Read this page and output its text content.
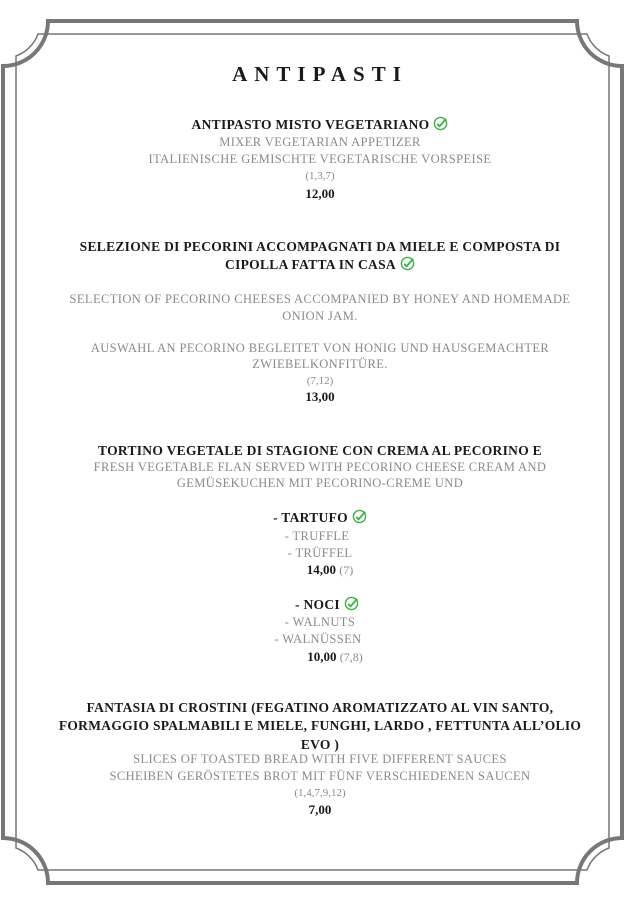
ANTIPASTI
ANTIPASTO MISTO VEGETARIANO
MIXER VEGETARIAN APPETIZER
ITALIENISCHE GEMISCHTE VEGETARISCHE VORSPEISE
(1,3,7)
12,00
SELEZIONE DI PECORINI ACCOMPAGNATI DA MIELE E COMPOSTA DI
CIPOLLA FATTA IN CASA
SELECTION OF PECORINO CHEESES ACCOMPANIED BY HONEY AND HOMEMADE
ONION JAM.
AUSWAHL AN PECORINO BEGLEITET VON HONIG UND HAUSGEMACHTER
ZWIEBELKONFITÜRE.
(7,12)
13,00
TORTINO VEGETALE DI STAGIONE CON CREMA AL PECORINO E
FRESH VEGETABLE FLAN SERVED WITH PECORINO CHEESE CREAM AND
GEMÜSEKUCHEN MIT PECORINO-CREME UND
- TARTUFO
- TRUFFLE
- TRÜFFEL
14,00 (7)
- NOCI
- WALNUTS
- WALNÜSSEN
10,00 (7,8)
FANTASIA DI CROSTINI (FEGATINO AROMATIZZATO AL VIN SANTO,
FORMAGGIO SPALMABILI E MIELE, FUNGHI, LARDO , FETTUNTA ALL’OLIO
EVO )
SLICES OF TOASTED BREAD WITH FIVE DIFFERENT SAUCES
SCHEIBEN GERÖSTETES BROT MIT FÜNF VERSCHIEDENEN SAUCEN
(1,4,7,9,12)
7,00
